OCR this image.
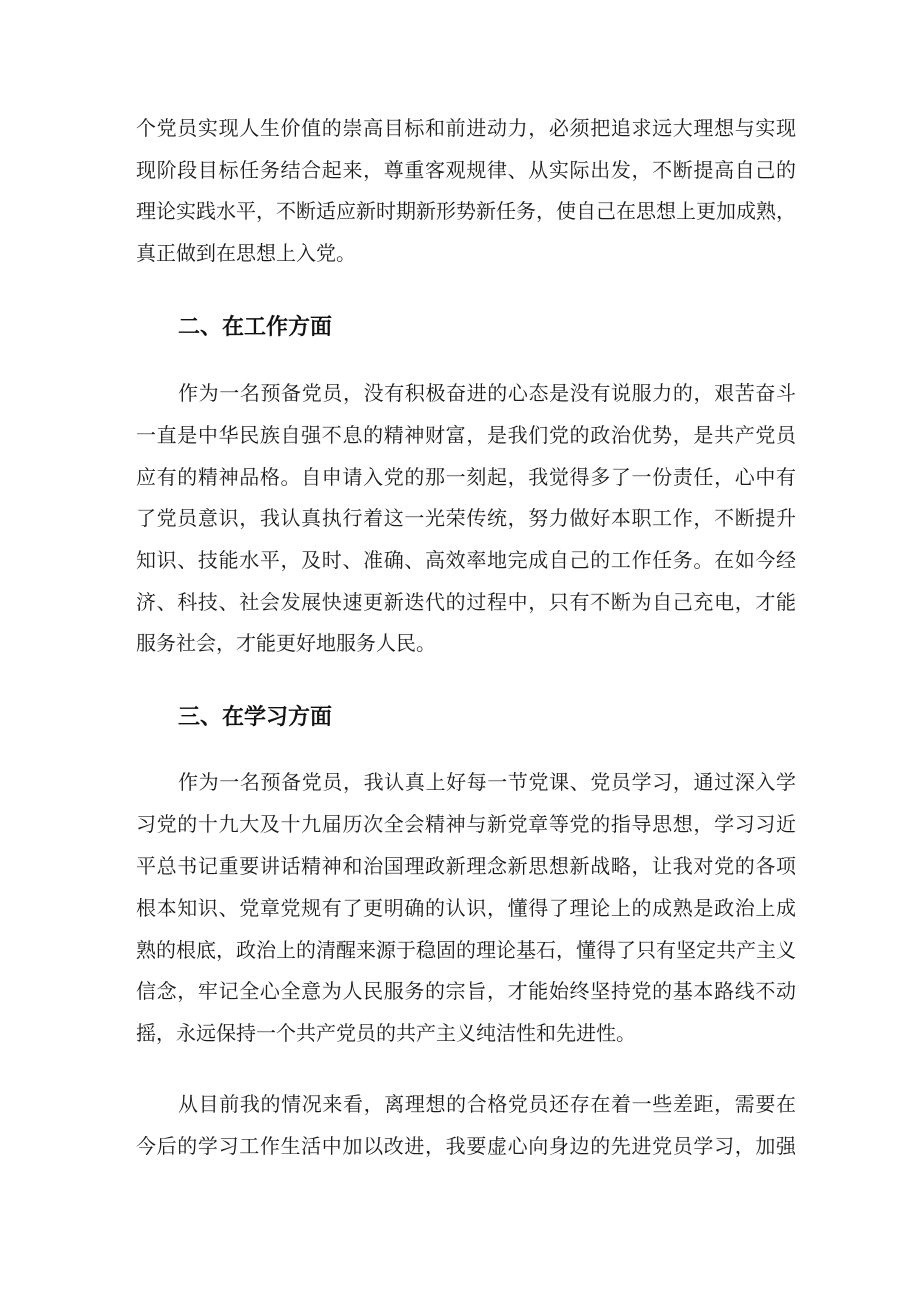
个党员实现人生价值的崇高目标和前进动力，必须把追求远大理想与实现
现阶段目标任务结合起来，尊重客观规律、从实际出发，不断提高自己的
理论实践水平，不断适应新时期新形势新任务，使自己在思想上更加成熟，
真正做到在思想上入党。
二、在工作方面
作为一名预备党员，没有积极奋进的心态是没有说服力的，艰苦奋斗
一直是中华民族自强不息的精神财富，是我们党的政治优势，是共产党员
应有的精神品格。自申请入党的那一刻起，我觉得多了一份责任，心中有
了党员意识，我认真执行着这一光荣传统，努力做好本职工作，不断提升
知识、技能水平，及时、准确、高效率地完成自己的工作任务。在如今经
济、科技、社会发展快速更新迭代的过程中，只有不断为自己充电，才能
服务社会，才能更好地服务人民。
三、在学习方面
作为一名预备党员，我认真上好每一节党课、党员学习，通过深入学
习党的十九大及十九届历次全会精神与新党章等党的指导思想，学习习近
平总书记重要讲话精神和治国理政新理念新思想新战略，让我对党的各项
根本知识、党章党规有了更明确的认识，懂得了理论上的成熟是政治上成
熟的根底，政治上的清醒来源于稳固的理论基石，懂得了只有坚定共产主义
信念，牢记全心全意为人民服务的宗旨，才能始终坚持党的基本路线不动
摇，永远保持一个共产党员的共产主义纯洁性和先进性。
从目前我的情况来看，离理想的合格党员还存在着一些差距，需要在
今后的学习工作生活中加以改进，我要虚心向身边的先进党员学习，加强
